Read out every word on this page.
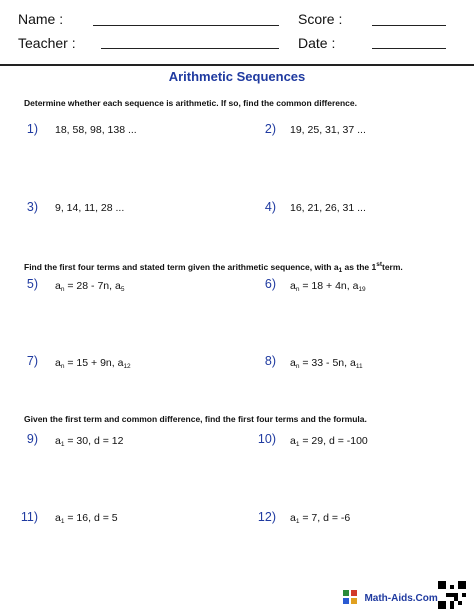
Name :	Score :
Teacher :	Date :
Arithmetic Sequences
Determine whether each sequence is arithmetic. If so, find the common difference.
1) 18, 58, 98, 138 ...	2) 19, 25, 31, 37 ...
3) 9, 14, 11, 28 ...	4) 16, 21, 26, 31 ...
Find the first four terms and stated term given the arithmetic sequence, with $a_1$ as the 1stterm.
5) $a_n = 28 - 7n$, $a_5$	6) $a_n = 18 + 4n$, $a_{19}$
7) $a_n = 15 + 9n$, $a_{12}$	8) $a_n = 33 - 5n$, $a_{11}$
Given the first term and common difference, find the first four terms and the formula.
9) $a_1 = 30$, d = 12	10) $a_1 = 29$, d = -100
11) $a_1 = 16$, d = 5	12) $a_1 = 7$, d = -6
Math-Aids.Com
